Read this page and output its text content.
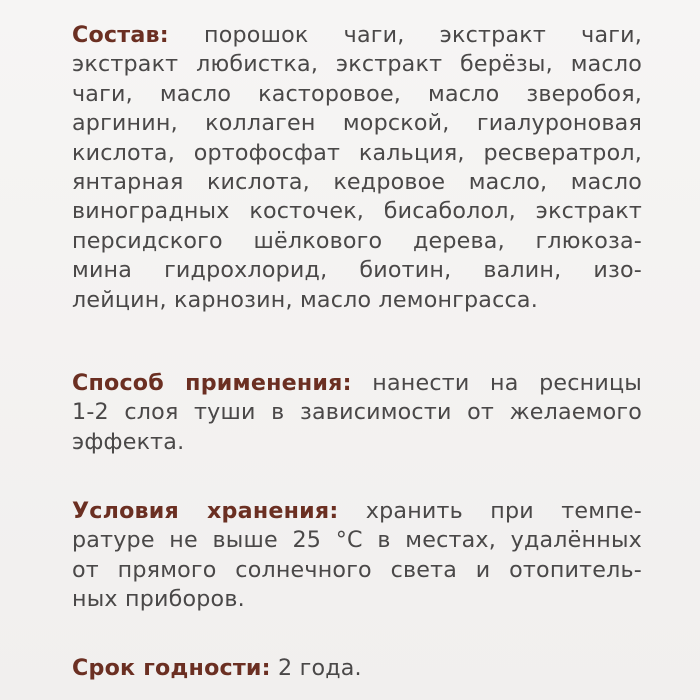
Состав: порошок чаги, экстракт чаги,
экстракт любистка, экстракт берёзы, масло
чаги, масло касторовое, масло зверобоя,
аргинин, коллаген морской, гиалуроновая
кислота, ортофосфат кальция, ресвератрол,
янтарная кислота, кедровое масло, масло
виноградных косточек, бисаболол, экстракт
персидского шёлкового дерева, глюкоза-
мина гидрохлорид, биотин, валин, изо-
лейцин, карнозин, масло лемонграсса.
Способ применения: нанести на ресницы
1-2 слоя туши в зависимости от желаемого
эффекта.
Условия хранения: хранить при темпе-
ратуре не выше 25 °С в местах, удалённых
от прямого солнечного света и отопитель-
ных приборов.
Срок годности: 2 года.
